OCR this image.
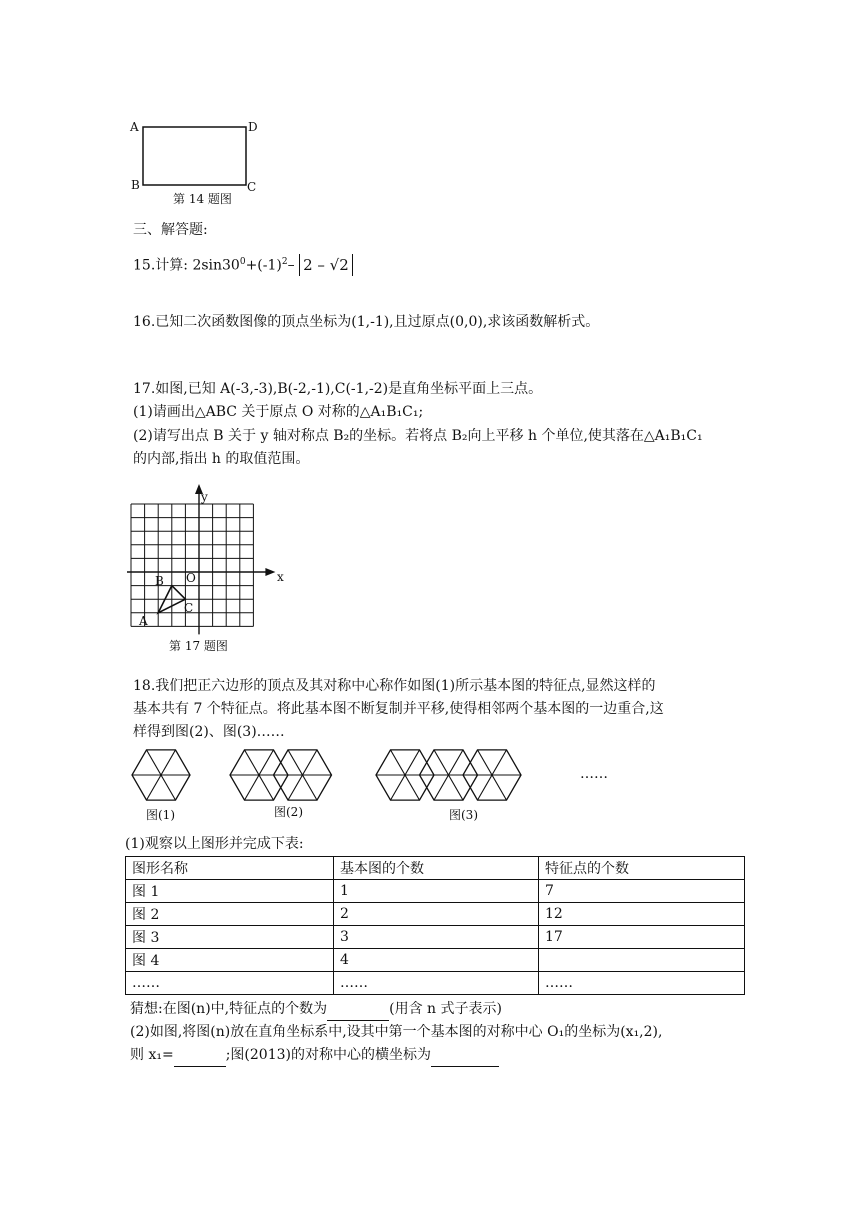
A	D
B	C
第 14 题图
三、解答题:
15.计算: $2\sin 30^0+(-1)^2-$ 2 – √2
16.已知二次函数图像的顶点坐标为(1,-1),且过原点(0,0),求该函数解析式。
17.如图,已知 A(-3,-3),B(-2,-1),C(-1,-2)是直角坐标平面上三点。
(1)请画出△ABC 关于原点 O 对称的△A₁B₁C₁;
(2)请写出点 B 关于 y 轴对称点 B₂的坐标。若将点 B₂向上平移 h 个单位,使其落在△A₁B₁C₁
的内部,指出 h 的取值范围。
y
x
O
B
C
A
第 17 题图
18.我们把正六边形的顶点及其对称中心称作如图(1)所示基本图的特征点,显然这样的
基本共有 7 个特征点。将此基本图不断复制并平移,使得相邻两个基本图的一边重合,这
样得到图(2)、图(3)……
图(1)	图(2)	图(3)
……
(1)观察以上图形并完成下表:
图形名称	基本图的个数	特征点的个数
图 1	1	7
图 2	2	12
图 3	3	17
图 4	4	
……	……	……
猜想:在图(n)中,特征点的个数为	(用含 n 式子表示)
(2)如图,将图(n)放在直角坐标系中,设其中第一个基本图的对称中心 O₁的坐标为(x₁,2),
则 x₁=	;图(2013)的对称中心的横坐标为
